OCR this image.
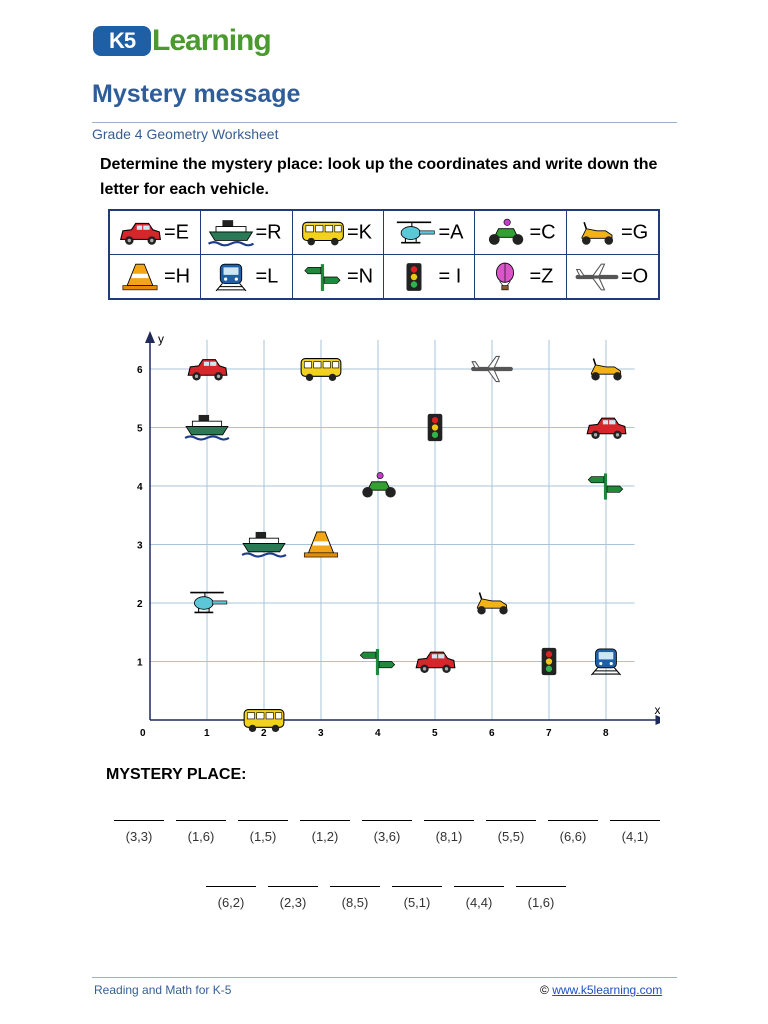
K5 Learning
Mystery message
Grade 4 Geometry Worksheet
Determine the mystery place: look up the coordinates and write down the letter for each vehicle.
=E	=R	=K	=A	=C	=G
=H	=L	=N	= I	=Z	=O
x
y
0	1	2	3	4	5	6	7	8
1
2
3
4
5
6
MYSTERY PLACE:
(3,3)	(1,6)	(1,5)	(1,2)	(3,6)	(8,1)	(5,5)	(6,6)	(4,1)
(6,2)	(2,3)	(8,5)	(5,1)	(4,4)	(1,6)
Reading and Math for K-5	© www.k5learning.com
